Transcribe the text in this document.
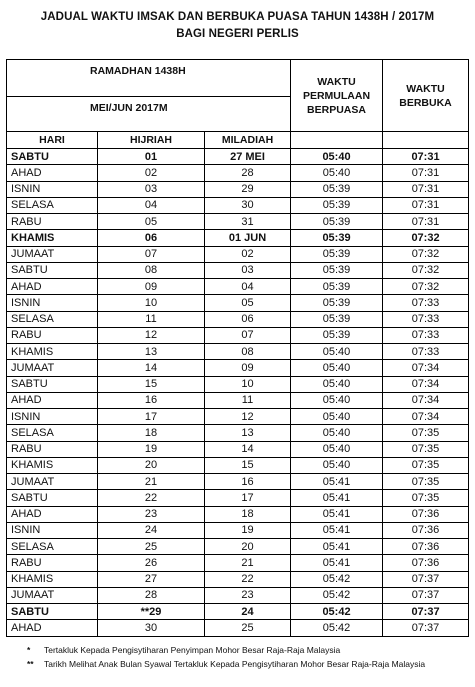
JADUAL WAKTU IMSAK DAN BERBUKA PUASA TAHUN 1438H / 2017M
BAGI NEGERI PERLIS
RAMADHAN 1438H			WAKTU PERMULAAN BERPUASA	WAKTU BERBUKA
MEI/JUN 2017M				
HARI	HIJRIAH	MILADIAH		
SABTU	01	27 MEI	05:40	07:31
AHAD	02	28	05:40	07:31
ISNIN	03	29	05:39	07:31
SELASA	04	30	05:39	07:31
RABU	05	31	05:39	07:31
KHAMIS	06	01 JUN	05:39	07:32
JUMAAT	07	02	05:39	07:32
SABTU	08	03	05:39	07:32
AHAD	09	04	05:39	07:32
ISNIN	10	05	05:39	07:33
SELASA	11	06	05:39	07:33
RABU	12	07	05:39	07:33
KHAMIS	13	08	05:40	07:33
JUMAAT	14	09	05:40	07:34
SABTU	15	10	05:40	07:34
AHAD	16	11	05:40	07:34
ISNIN	17	12	05:40	07:34
SELASA	18	13	05:40	07:35
RABU	19	14	05:40	07:35
KHAMIS	20	15	05:40	07:35
JUMAAT	21	16	05:41	07:35
SABTU	22	17	05:41	07:35
AHAD	23	18	05:41	07:36
ISNIN	24	19	05:41	07:36
SELASA	25	20	05:41	07:36
RABU	26	21	05:41	07:36
KHAMIS	27	22	05:42	07:37
JUMAAT	28	23	05:42	07:37
SABTU	**29	24	05:42	07:37
AHAD	30	25	05:42	07:37
* Tertakluk Kepada Pengisytiharan Penyimpan Mohor Besar Raja-Raja Malaysia
** Tarikh Melihat Anak Bulan Syawal Tertakluk Kepada Pengisytiharan Mohor Besar Raja-Raja Malaysia
